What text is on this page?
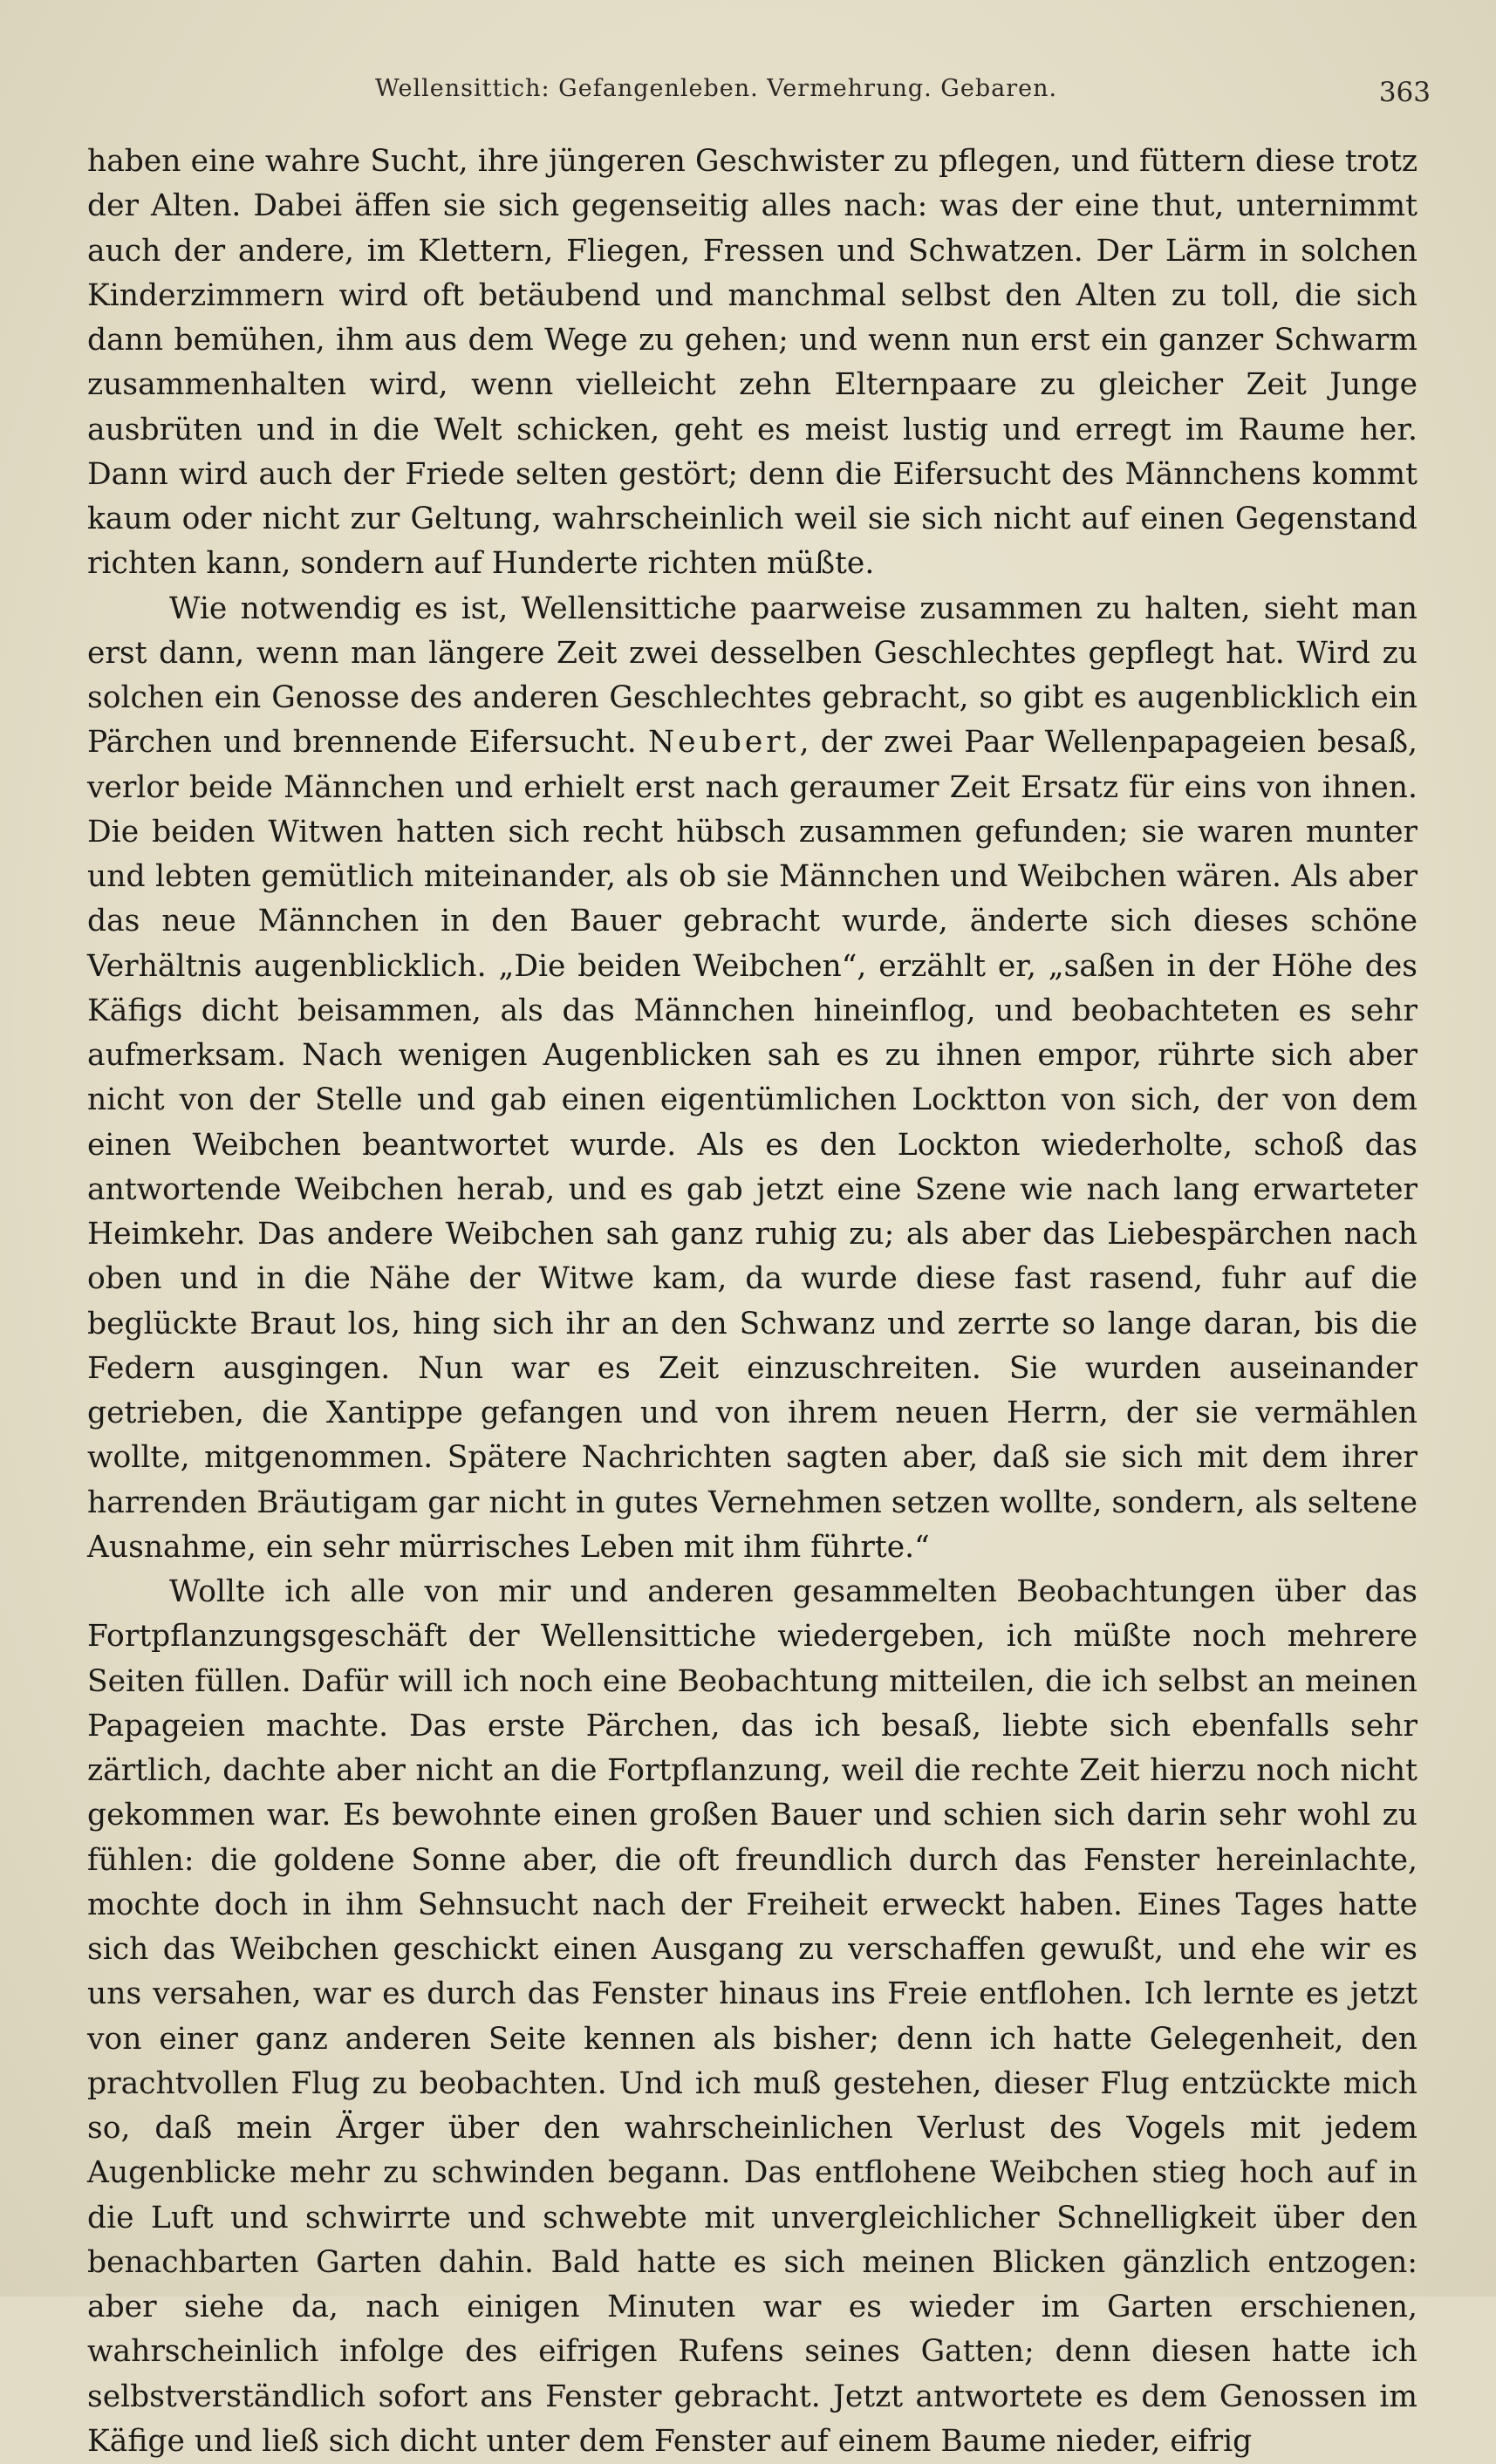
Wellensittich: Gefangenleben. Vermehrung. Gebaren.	363

haben eine wahre Sucht, ihre jüngeren Geschwister zu pflegen, und füttern diese trotz der Alten. Dabei äffen sie sich gegenseitig alles nach: was der eine thut, unternimmt auch der andere, im Klettern, Fliegen, Fressen und Schwatzen. Der Lärm in solchen Kinderzimmern wird oft betäubend und manchmal selbst den Alten zu toll, die sich dann bemühen, ihm aus dem Wege zu gehen; und wenn nun erst ein ganzer Schwarm zusammenhalten wird, wenn vielleicht zehn Elternpaare zu gleicher Zeit Junge ausbrüten und in die Welt schicken, geht es meist lustig und erregt im Raume her. Dann wird auch der Friede selten gestört; denn die Eifersucht des Männchens kommt kaum oder nicht zur Geltung, wahrscheinlich weil sie sich nicht auf einen Gegenstand richten kann, sondern auf Hunderte richten müßte.

Wie notwendig es ist, Wellensittiche paarweise zusammen zu halten, sieht man erst dann, wenn man längere Zeit zwei desselben Geschlechtes gepflegt hat. Wird zu solchen ein Genosse des anderen Geschlechtes gebracht, so gibt es augenblicklich ein Pärchen und brennende Eifersucht. Neubert, der zwei Paar Wellenpapageien besaß, verlor beide Männchen und erhielt erst nach geraumer Zeit Ersatz für eins von ihnen. Die beiden Witwen hatten sich recht hübsch zusammen gefunden; sie waren munter und lebten gemütlich miteinander, als ob sie Männchen und Weibchen wären. Als aber das neue Männchen in den Bauer gebracht wurde, änderte sich dieses schöne Verhältnis augenblicklich. „Die beiden Weibchen“, erzählt er, „saßen in der Höhe des Käfigs dicht beisammen, als das Männchen hineinflog, und beobachteten es sehr aufmerksam. Nach wenigen Augenblicken sah es zu ihnen empor, rührte sich aber nicht von der Stelle und gab einen eigentümlichen Locktton von sich, der von dem einen Weibchen beantwortet wurde. Als es den Lockton wiederholte, schoß das antwortende Weibchen herab, und es gab jetzt eine Szene wie nach lang erwarteter Heimkehr. Das andere Weibchen sah ganz ruhig zu; als aber das Liebespärchen nach oben und in die Nähe der Witwe kam, da wurde diese fast rasend, fuhr auf die beglückte Braut los, hing sich ihr an den Schwanz und zerrte so lange daran, bis die Federn ausgingen. Nun war es Zeit einzuschreiten. Sie wurden auseinander getrieben, die Xantippe gefangen und von ihrem neuen Herrn, der sie vermählen wollte, mitgenommen. Spätere Nachrichten sagten aber, daß sie sich mit dem ihrer harrenden Bräutigam gar nicht in gutes Vernehmen setzen wollte, sondern, als seltene Ausnahme, ein sehr mürrisches Leben mit ihm führte.“

Wollte ich alle von mir und anderen gesammelten Beobachtungen über das Fortpflanzungsgeschäft der Wellensittiche wiedergeben, ich müßte noch mehrere Seiten füllen. Dafür will ich noch eine Beobachtung mitteilen, die ich selbst an meinen Papageien machte. Das erste Pärchen, das ich besaß, liebte sich ebenfalls sehr zärtlich, dachte aber nicht an die Fortpflanzung, weil die rechte Zeit hierzu noch nicht gekommen war. Es bewohnte einen großen Bauer und schien sich darin sehr wohl zu fühlen: die goldene Sonne aber, die oft freundlich durch das Fenster hereinlachte, mochte doch in ihm Sehnsucht nach der Freiheit erweckt haben. Eines Tages hatte sich das Weibchen geschickt einen Ausgang zu verschaffen gewußt, und ehe wir es uns versahen, war es durch das Fenster hinaus ins Freie entflohen. Ich lernte es jetzt von einer ganz anderen Seite kennen als bisher; denn ich hatte Gelegenheit, den prachtvollen Flug zu beobachten. Und ich muß gestehen, dieser Flug entzückte mich so, daß mein Ärger über den wahrscheinlichen Verlust des Vogels mit jedem Augenblicke mehr zu schwinden begann. Das entflohene Weibchen stieg hoch auf in die Luft und schwirrte und schwebte mit unvergleichlicher Schnelligkeit über den benachbarten Garten dahin. Bald hatte es sich meinen Blicken gänzlich entzogen: aber siehe da, nach einigen Minuten war es wieder im Garten erschienen, wahrscheinlich infolge des eifrigen Rufens seines Gatten; denn diesen hatte ich selbstverständlich sofort ans Fenster gebracht. Jetzt antwortete es dem Genossen im Käfige und ließ sich dicht unter dem Fenster auf einem Baume nieder, eifrig
